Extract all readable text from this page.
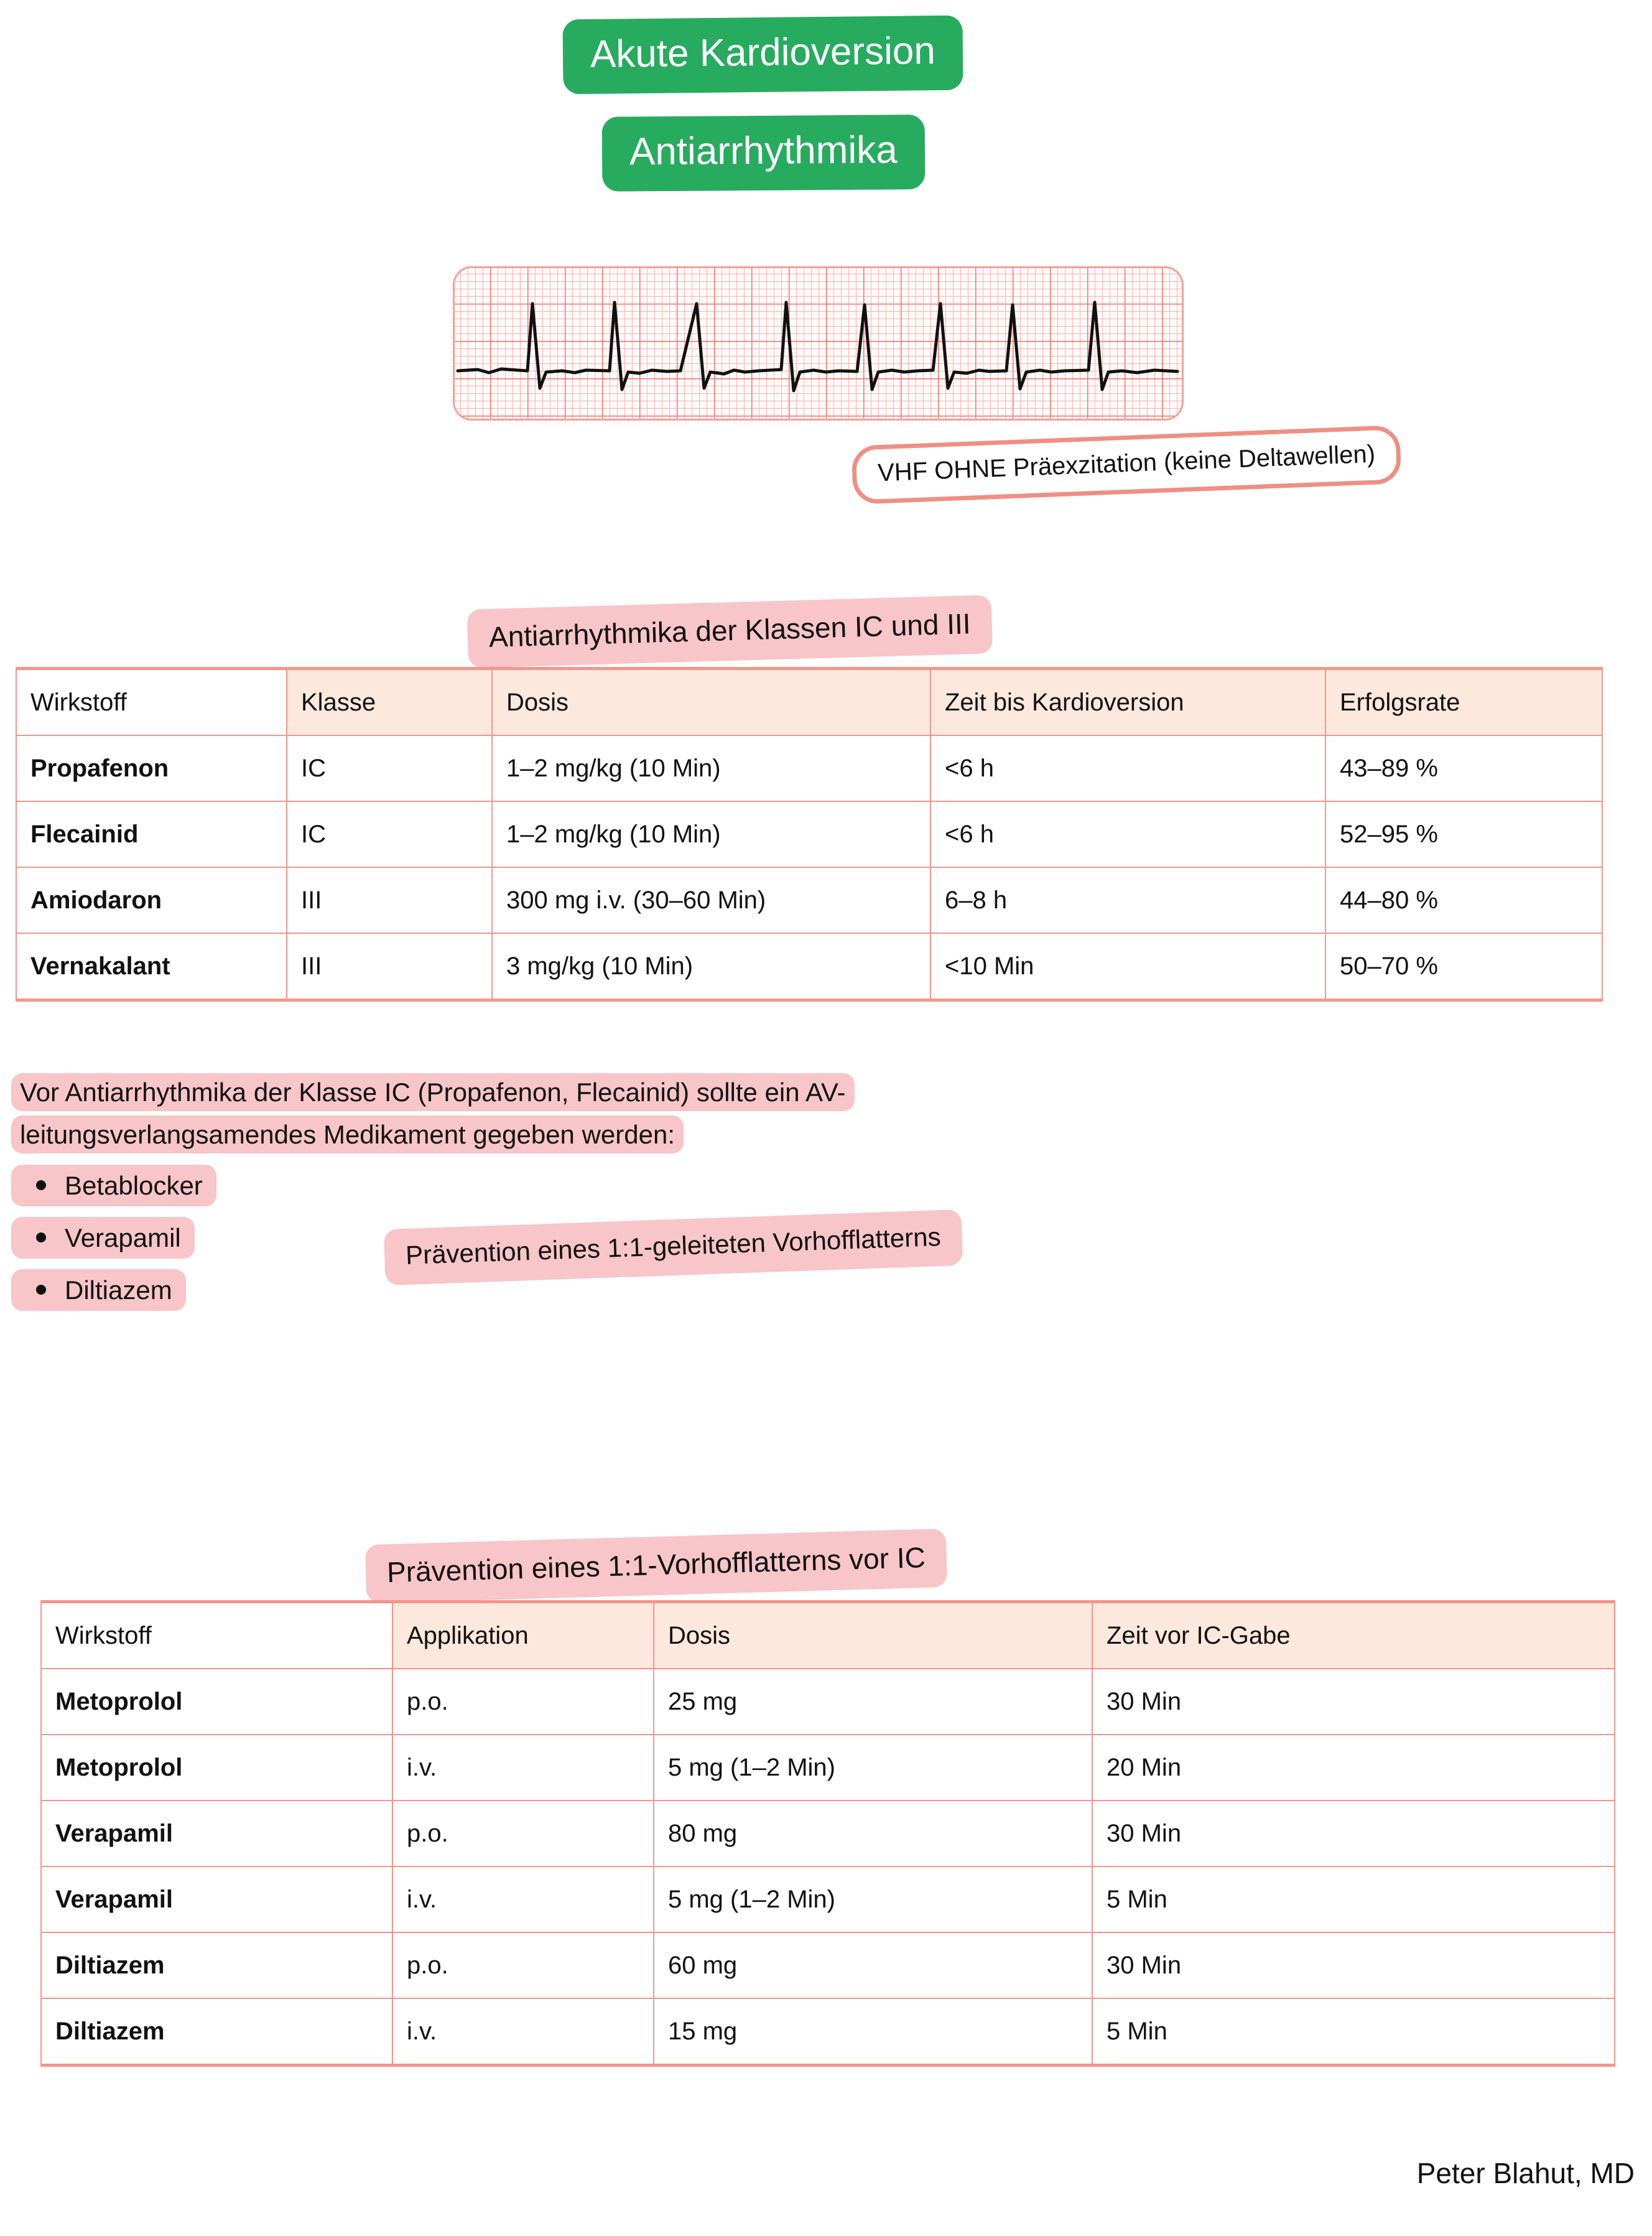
Akute Kardioversion
Antiarrhythmika
VHF OHNE Präexzitation (keine Deltawellen)
Antiarrhythmika der Klassen IC und III
Wirkstoff	Klasse	Dosis	Zeit bis Kardioversion	Erfolgsrate
Propafenon	IC	1–2 mg/kg (10 Min)	<6 h	43–89 %
Flecainid	IC	1–2 mg/kg (10 Min)	<6 h	52–95 %
Amiodaron	III	300 mg i.v. (30–60 Min)	6–8 h	44–80 %
Vernakalant	III	3 mg/kg (10 Min)	<10 Min	50–70 %
Vor Antiarrhythmika der Klasse IC (Propafenon, Flecainid) sollte ein AV-
leitungsverlangsamendes Medikament gegeben werden:
Betablocker
Verapamil
Diltiazem
Prävention eines 1:1-geleiteten Vorhofflatterns
Prävention eines 1:1-Vorhofflatterns vor IC
Wirkstoff	Applikation	Dosis	Zeit vor IC-Gabe
Metoprolol	p.o.	25 mg	30 Min
Metoprolol	i.v.	5 mg (1–2 Min)	20 Min
Verapamil	p.o.	80 mg	30 Min
Verapamil	i.v.	5 mg (1–2 Min)	5 Min
Diltiazem	p.o.	60 mg	30 Min
Diltiazem	i.v.	15 mg	5 Min
Peter Blahut, MD
